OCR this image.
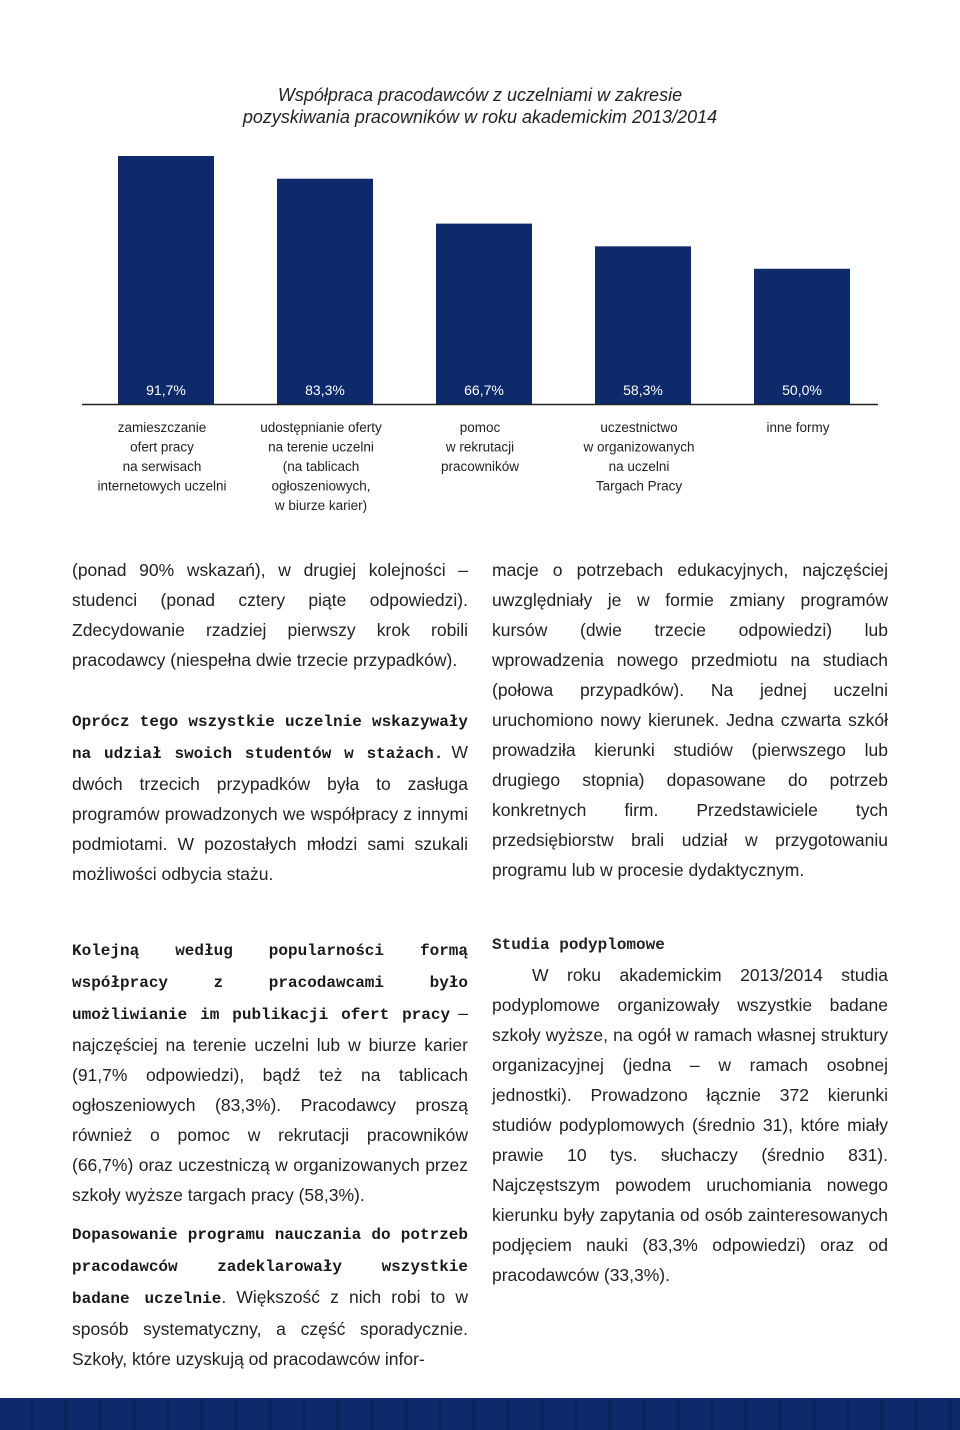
Współpraca pracodawców z uczelniami w zakresie
pozyskiwania pracowników w roku akademickim 2013/2014
91,7%
zamieszczanie
ofert pracy
na serwisach
internetowych uczelni
83,3%
udostępnianie oferty
na terenie uczelni
(na tablicach
ogłoszeniowych,
w biurze karier)
66,7%
pomoc
w rekrutacji
pracowników
58,3%
uczestnictwo
w organizowanych
na uczelni
Targach Pracy
50,0%
inne formy

(ponad 90% wskazań), w drugiej kolejności – studenci (ponad cztery piąte odpowiedzi). Zdecydowanie rzadziej pierwszy krok robili pracodawcy (niespełna dwie trzecie przypadków).

Oprócz tego wszystkie uczelnie wskazywały na udział swoich studentów w stażach. W dwóch trzecich przypadków była to zasługa programów prowadzonych we współpracy z innymi podmiotami. W pozostałych młodzi sami szukali możliwości odbycia stażu.

Kolejną według popularności formą współpracy z pracodawcami było umożliwianie im publikacji ofert pracy – najczęściej na terenie uczelni lub w biurze karier (91,7% odpowiedzi), bądź też na tablicach ogłoszeniowych (83,3%). Pracodawcy proszą również o pomoc w rekrutacji pracowników (66,7%) oraz uczestniczą w organizowanych przez szkoły wyższe targach pracy (58,3%).

Dopasowanie programu nauczania do potrzeb pracodawców zadeklarowały wszystkie badane uczelnie. Większość z nich robi to w sposób systematyczny, a część sporadycznie. Szkoły, które uzyskują od pracodawców infor-

macje o potrzebach edukacyjnych, najczęściej uwzględniały je w formie zmiany programów kursów (dwie trzecie odpowiedzi) lub wprowadzenia nowego przedmiotu na studiach (połowa przypadków). Na jednej uczelni uruchomiono nowy kierunek. Jedna czwarta szkół prowadziła kierunki studiów (pierwszego lub drugiego stopnia) dopasowane do potrzeb konkretnych firm. Przedstawiciele tych przedsiębiorstw brali udział w przygotowaniu programu lub w procesie dydaktycznym.

Studia podyplomowe

W roku akademickim 2013/2014 studia podyplomowe organizowały wszystkie badane szkoły wyższe, na ogół w ramach własnej struktury organizacyjnej (jedna – w ramach osobnej jednostki). Prowadzono łącznie 372 kierunki studiów podyplomowych (średnio 31), które miały prawie 10 tys. słuchaczy (średnio 831). Najczęstszym powodem uruchomiania nowego kierunku były zapytania od osób zainteresowanych podjęciem nauki (83,3% odpowiedzi) oraz od pracodawców (33,3%).
